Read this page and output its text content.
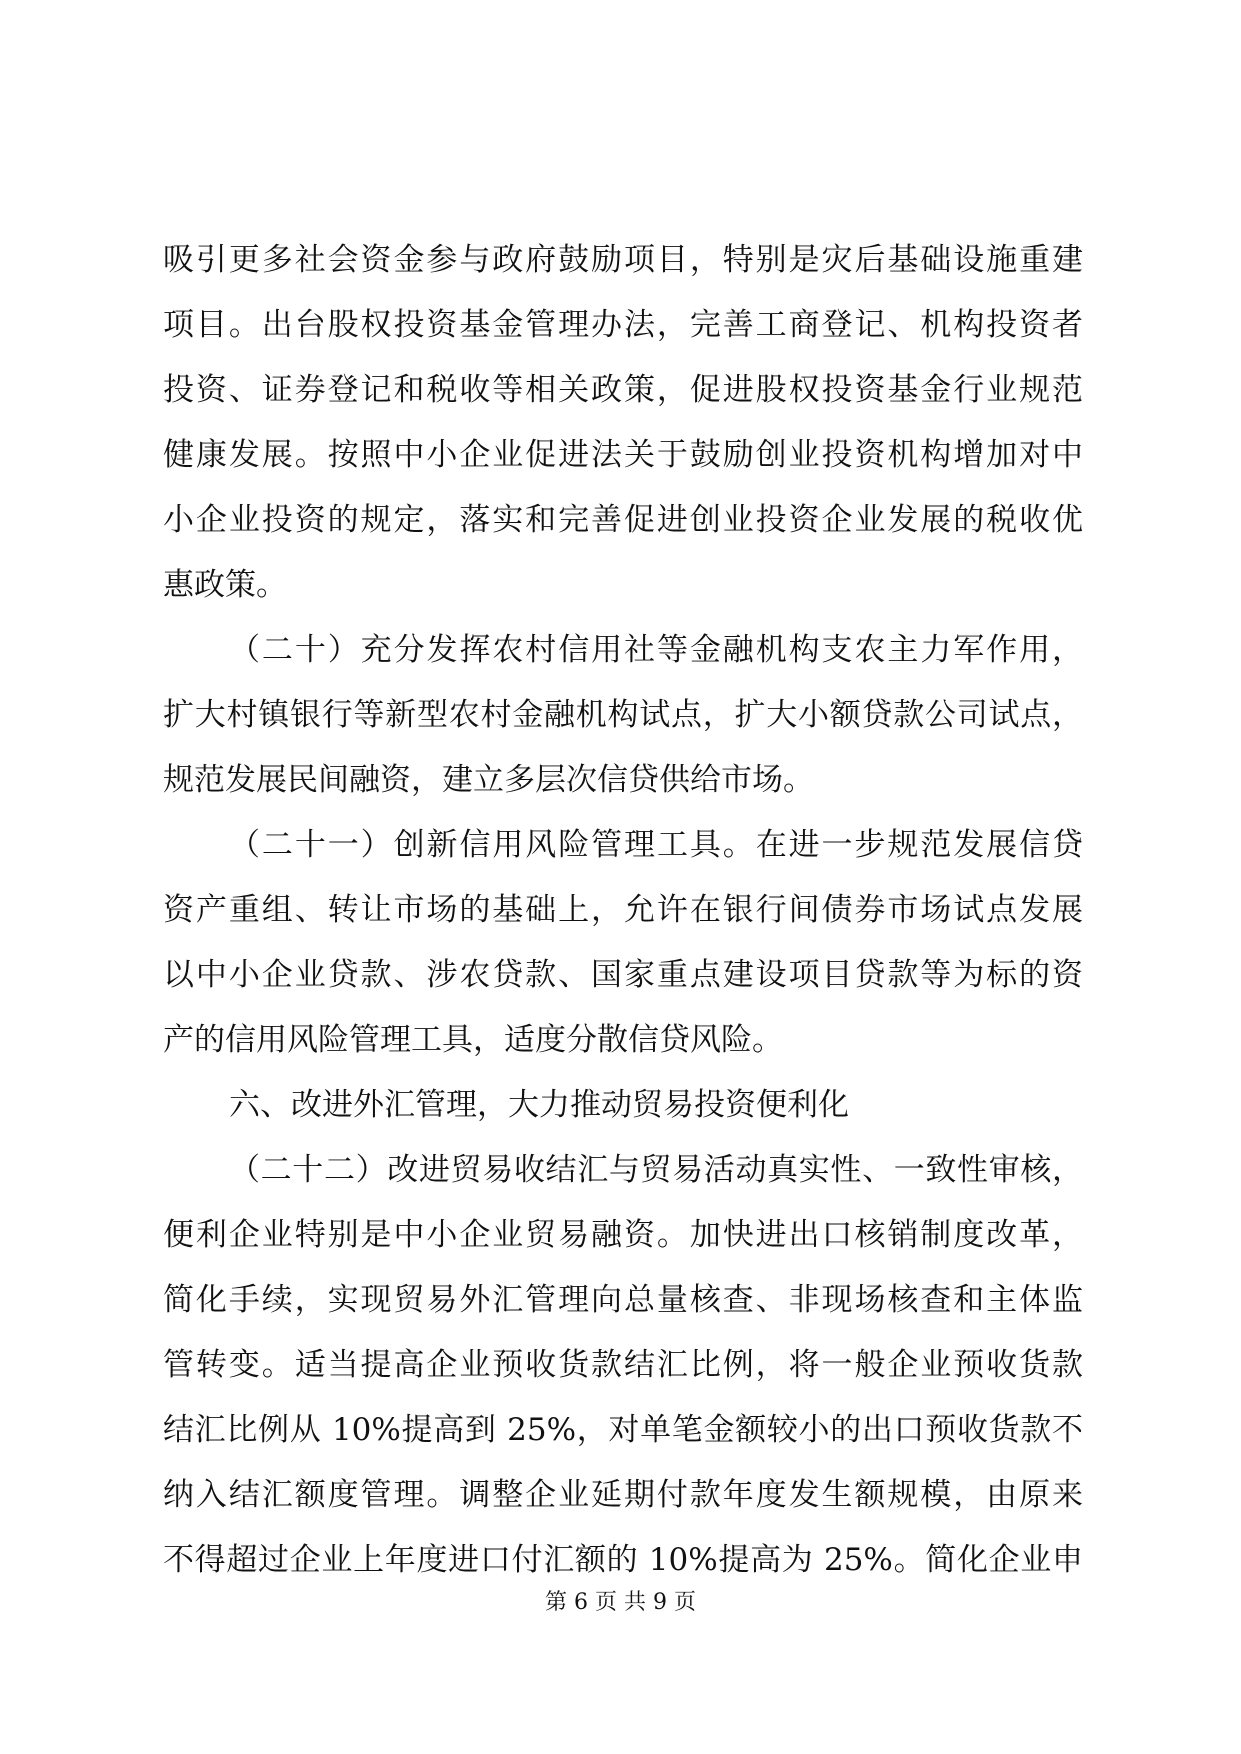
吸引更多社会资金参与政府鼓励项目，特别是灾后基础设施重建
项目。出台股权投资基金管理办法，完善工商登记、机构投资者
投资、证券登记和税收等相关政策，促进股权投资基金行业规范
健康发展。按照中小企业促进法关于鼓励创业投资机构增加对中
小企业投资的规定，落实和完善促进创业投资企业发展的税收优
惠政策。
（二十）充分发挥农村信用社等金融机构支农主力军作用，
扩大村镇银行等新型农村金融机构试点，扩大小额贷款公司试点，
规范发展民间融资，建立多层次信贷供给市场。
（二十一）创新信用风险管理工具。在进一步规范发展信贷
资产重组、转让市场的基础上，允许在银行间债券市场试点发展
以中小企业贷款、涉农贷款、国家重点建设项目贷款等为标的资
产的信用风险管理工具，适度分散信贷风险。
六、改进外汇管理，大力推动贸易投资便利化
（二十二）改进贸易收结汇与贸易活动真实性、一致性审核，
便利企业特别是中小企业贸易融资。加快进出口核销制度改革，
简化手续，实现贸易外汇管理向总量核查、非现场核查和主体监
管转变。适当提高企业预收货款结汇比例，将一般企业预收货款
结汇比例从 10%提高到 25%，对单笔金额较小的出口预收货款不
纳入结汇额度管理。调整企业延期付款年度发生额规模，由原来
不得超过企业上年度进口付汇额的 10%提高为 25%。简化企业申
第 6 页 共 9 页
